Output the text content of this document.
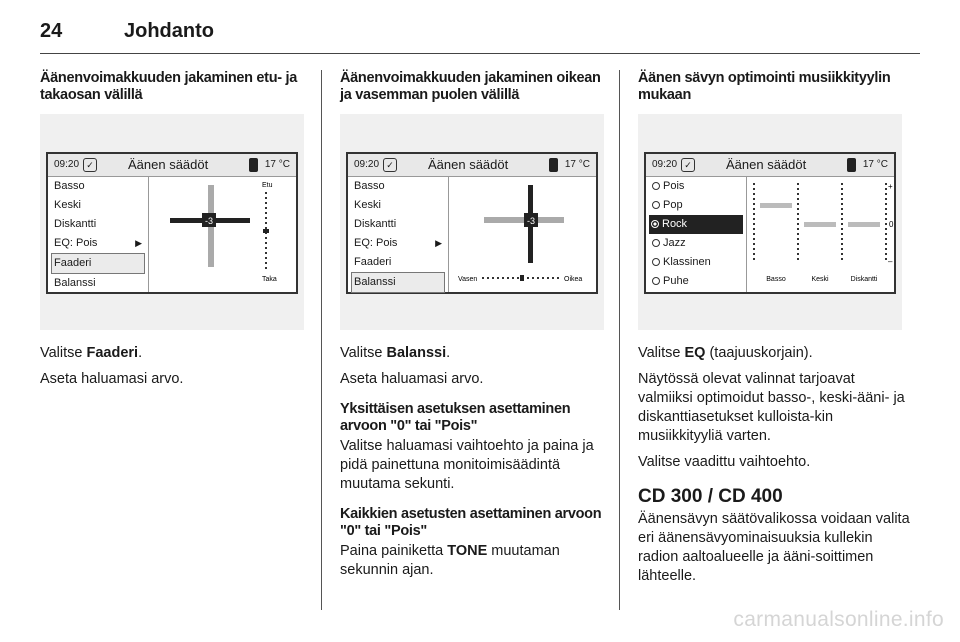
24	Johdanto

Äänenvoimakkuuden jakaminen etu- ja takaosan välillä

09:20 ✓	Äänen säädöt	17 °C
Basso
Keski
Diskantti
EQ: Pois	▶
Faaderi
Balanssi
-3
Etu
Taka

Valitse Faaderi.

Aseta haluamasi arvo.

Äänenvoimakkuuden jakaminen oikean ja vasemman puolen välillä

09:20 ✓	Äänen säädöt	17 °C
Basso
Keski
Diskantti
EQ: Pois	▶
Faaderi
Balanssi
-3
Vasen	Oikea

Valitse Balanssi.

Aseta haluamasi arvo.

Yksittäisen asetuksen asettaminen arvoon "0" tai "Pois"

Valitse haluamasi vaihtoehto ja paina ja pidä painettuna monitoimisäädintä muutama sekunti.

Kaikkien asetusten asettaminen arvoon "0" tai "Pois"

Paina painiketta TONE muutaman sekunnin ajan.

Äänen sävyn optimointi musiikkityylin mukaan

09:20 ✓	Äänen säädöt	17 °C
Pois
Pop
Rock
Jazz
Klassinen
Puhe
+
0
–
Basso	Keski	Diskantti

Valitse EQ (taajuuskorjain).

Näytössä olevat valinnat tarjoavat valmiiksi optimoidut basso-, keski-ääni- ja diskanttiasetukset kulloista-kin musiikkityyliä varten.

Valitse vaadittu vaihtoehto.

CD 300 / CD 400

Äänensävyn säätövalikossa voidaan valita eri äänensävyominaisuuksia kullekin radion aaltoalueelle ja ääni-soittimen lähteelle.

carmanualsonline.info
